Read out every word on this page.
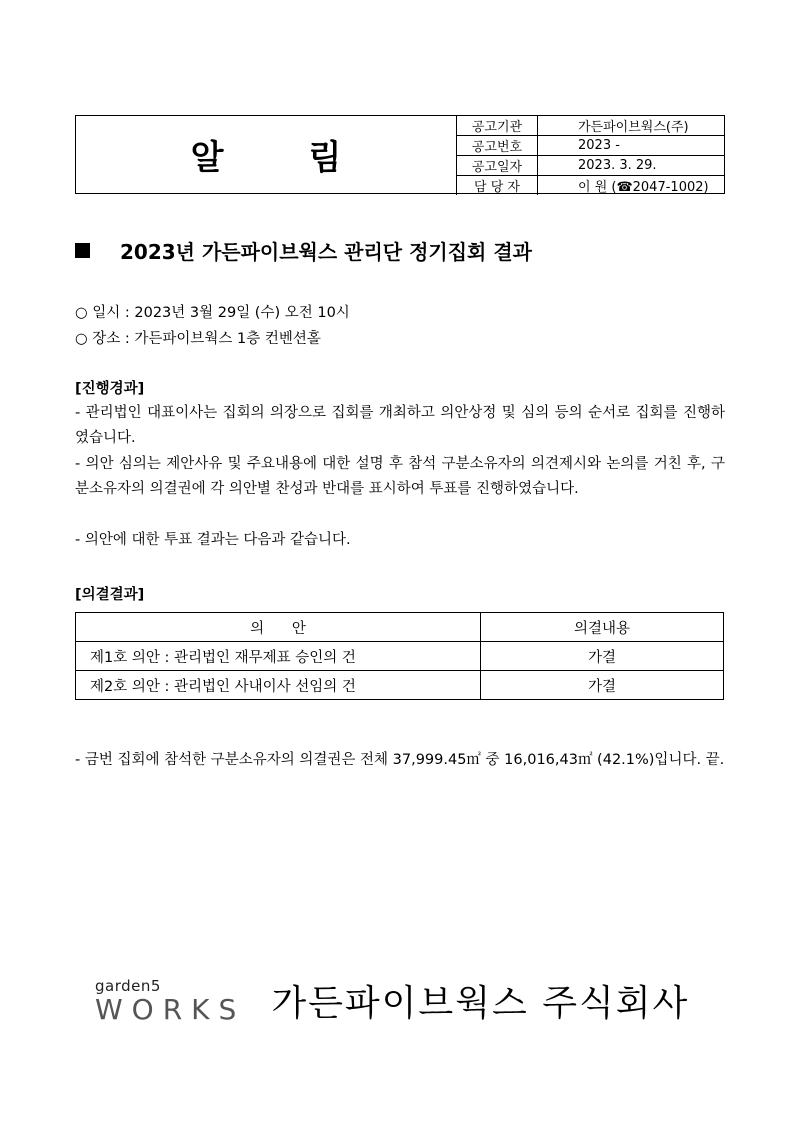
알	림
공고기관	가든파이브웍스(주)
공고번호	2023 -
공고일자	2023. 3. 29.
담 당 자	이 원 (☎2047-1002)
2023년 가든파이브웍스 관리단 정기집회 결과
○ 일시 : 2023년 3월 29일 (수) 오전 10시
○ 장소 : 가든파이브웍스 1층 컨벤션홀
[진행경과]
- 관리법인 대표이사는 집회의 의장으로 집회를 개최하고 의안상정 및 심의 등의 순서로 집회를 진행하였습니다.
- 의안 심의는 제안사유 및 주요내용에 대한 설명 후 참석 구분소유자의 의견제시와 논의를 거친 후, 구분소유자의 의결권에 각 의안별 찬성과 반대를 표시하여 투표를 진행하였습니다.
- 의안에 대한 투표 결과는 다음과 같습니다.
[의결결과]
의      안	의결내용
제1호 의안 : 관리법인 재무제표 승인의 건	가결
제2호 의안 : 관리법인 사내이사 선임의 건	가결
- 금번 집회에 참석한 구분소유자의 의결권은 전체 37,999.45㎡ 중 16,016,43㎡ (42.1%)입니다. 끝.
garden5
WORKS 가든파이브웍스 주식회사
